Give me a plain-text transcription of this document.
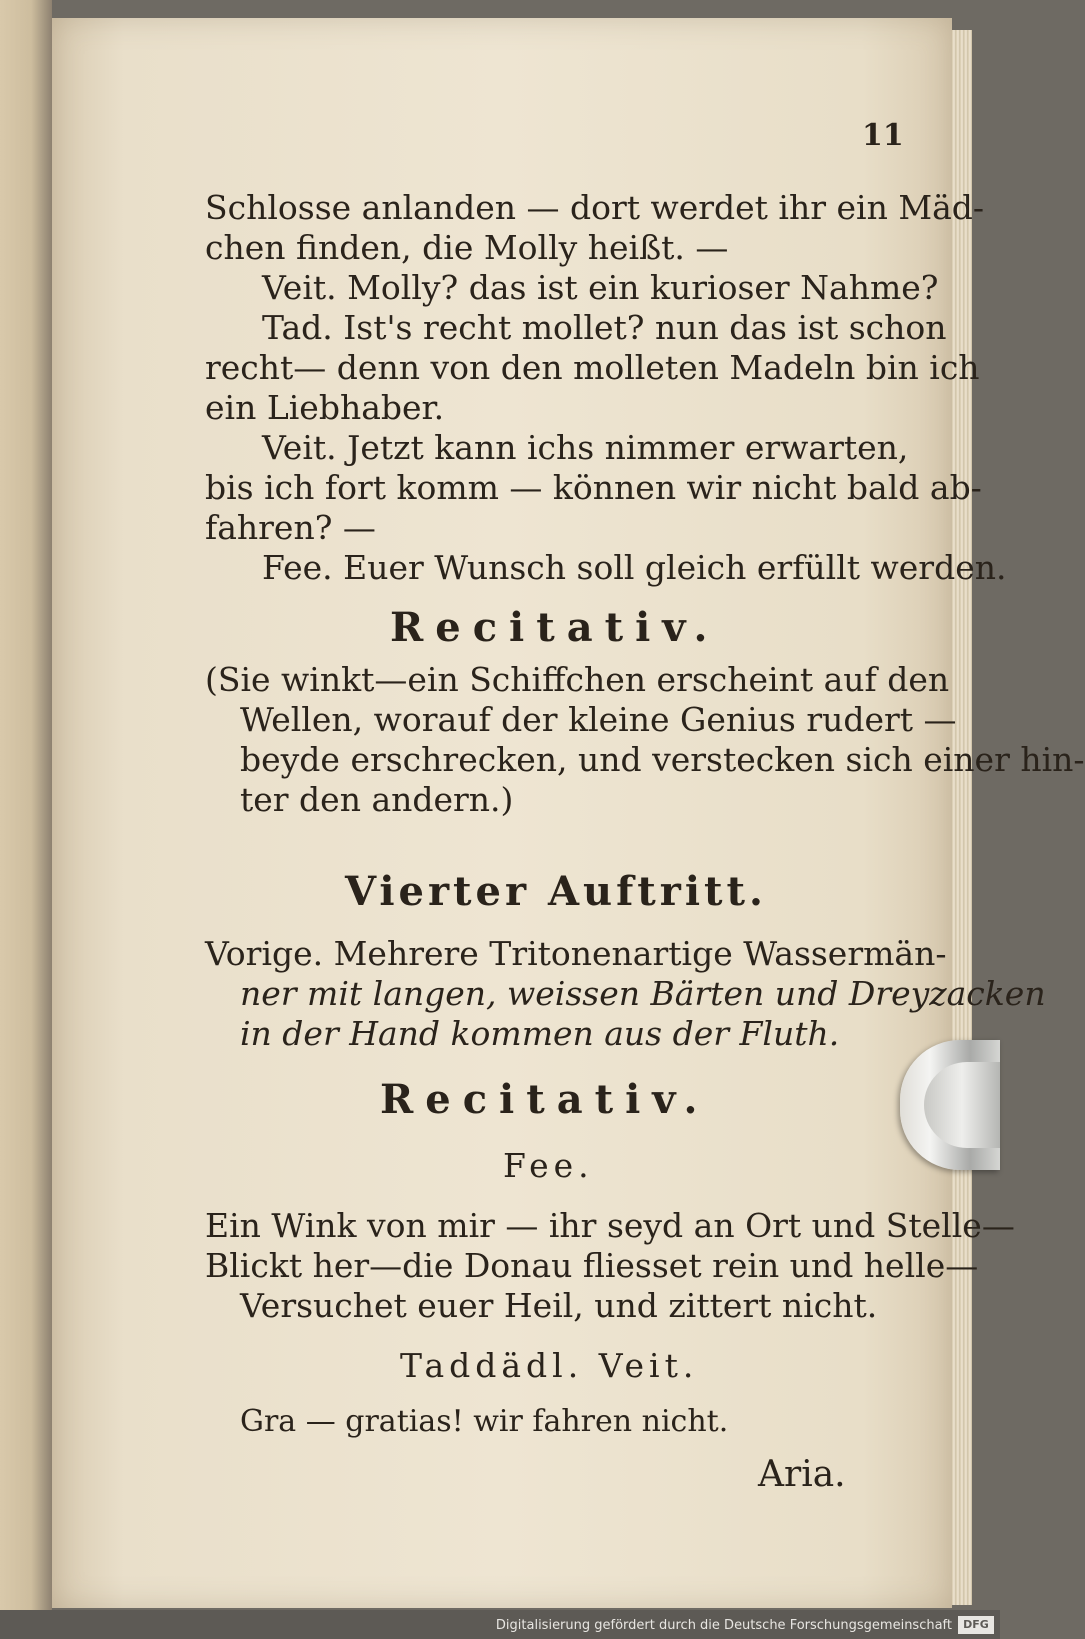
11
Schlosse anlanden — dort werdet ihr ein Mäd-
chen finden, die Molly heißt. —
Veit. Molly? das ist ein kurioser Nahme?
Tad. Ist's recht mollet? nun das ist schon
recht— denn von den molleten Madeln bin ich
ein Liebhaber.
Veit. Jetzt kann ichs nimmer erwarten,
bis ich fort komm — können wir nicht bald ab-
fahren? —
Fee. Euer Wunsch soll gleich erfüllt werden.
Recitativ.
(Sie winkt—ein Schiffchen erscheint auf den
Wellen, worauf der kleine Genius rudert —
beyde erschrecken, und verstecken sich einer hin-
ter den andern.)
Vierter Auftritt.
Vorige. Mehrere Tritonenartige Wassermän-
ner mit langen, weissen Bärten und Dreyzacken
in der Hand kommen aus der Fluth.
Recitativ.
Fee.
Ein Wink von mir — ihr seyd an Ort und Stelle—
Blickt her—die Donau fliesset rein und helle—
Versuchet euer Heil, und zittert nicht.
Taddädl. Veit.
Gra — gratias! wir fahren nicht.
Aria.
Digitalisierung gefördert durch die Deutsche Forschungsgemeinschaft	DFG
